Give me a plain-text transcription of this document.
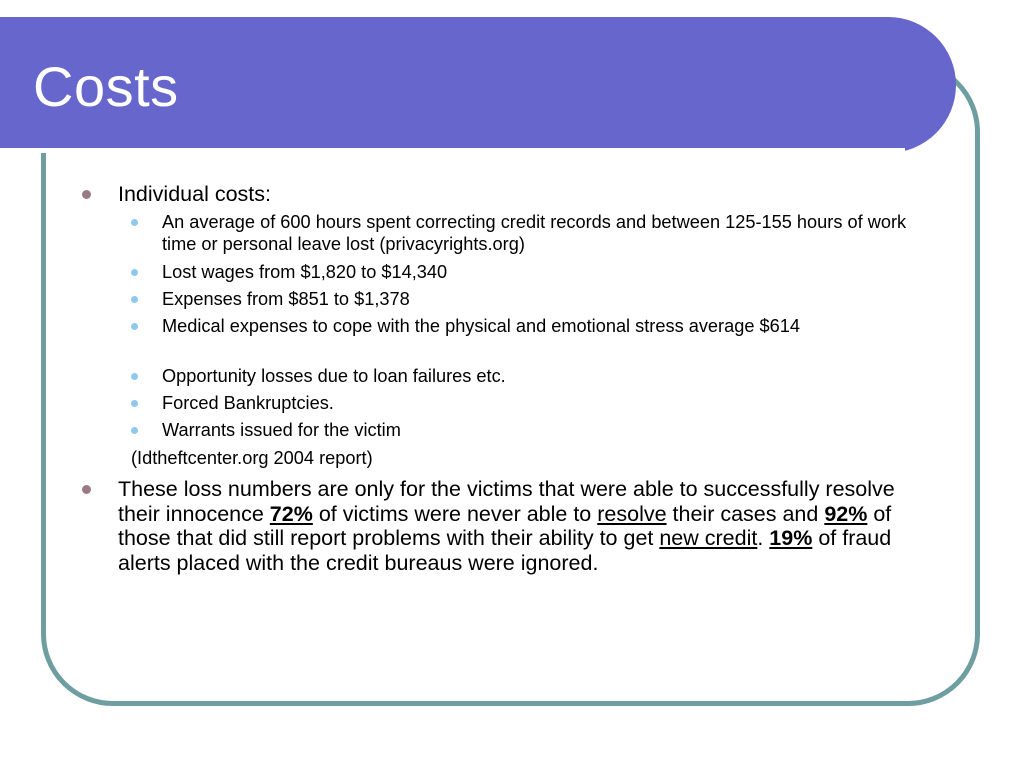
Costs
Individual costs:
An average of 600 hours spent correcting credit records and between 125-155 hours of work time or personal leave lost (privacyrights.org)
Lost wages from $1,820 to $14,340
Expenses from $851 to $1,378
Medical expenses to cope with the physical and emotional stress average $614
Opportunity losses due to loan failures etc.
Forced Bankruptcies.
Warrants issued for the victim
(Idtheftcenter.org 2004 report)
These loss numbers are only for the victims that were able to successfully resolve their innocence 72% of victims were never able to resolve their cases and 92% of those that did still report problems with their ability to get new credit. 19% of fraud alerts placed with the credit bureaus were ignored.
